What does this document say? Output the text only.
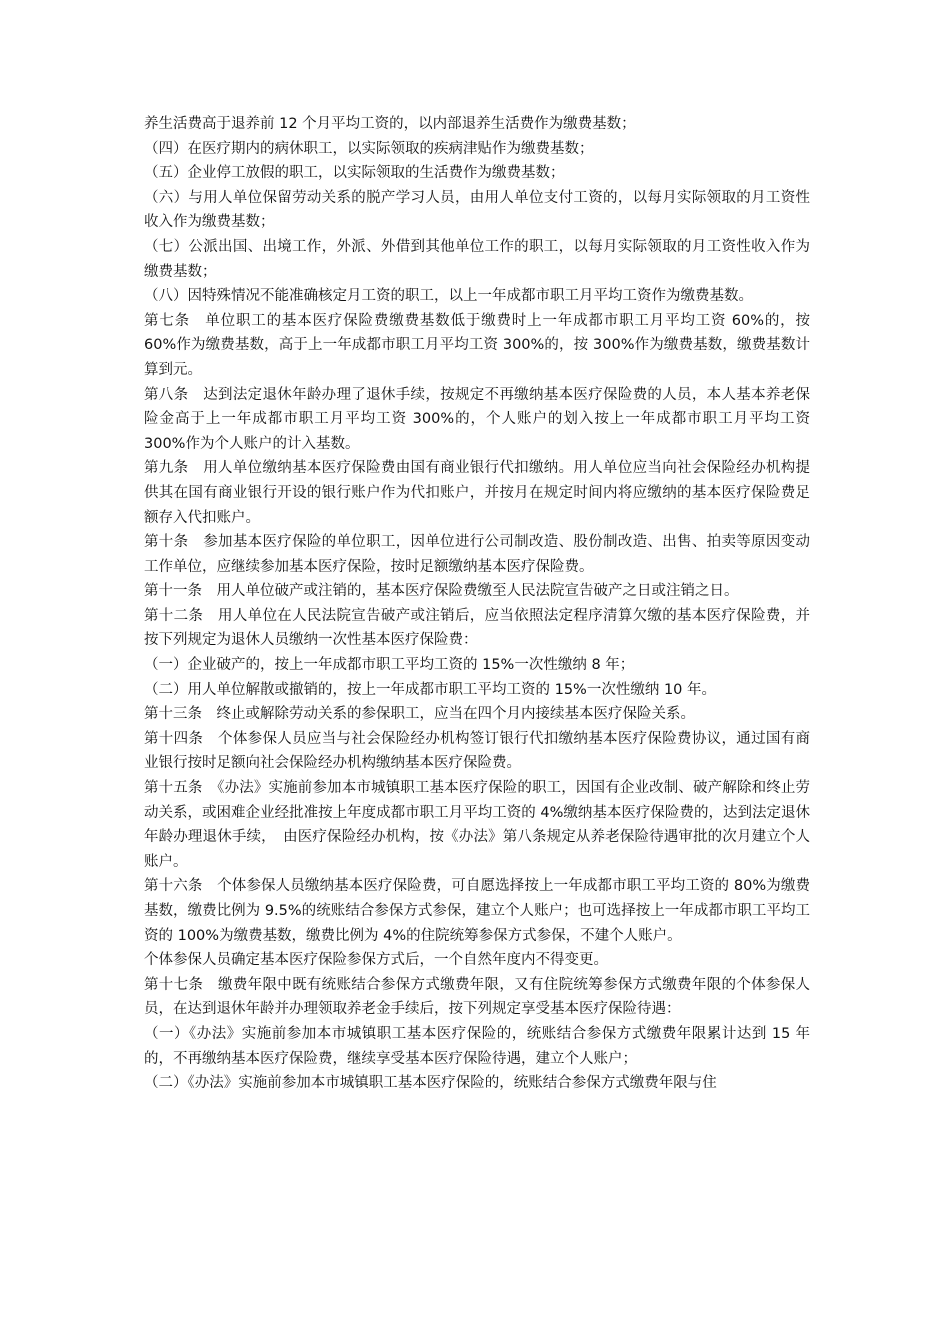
养生活费高于退养前 12 个月平均工资的，以内部退养生活费作为缴费基数；

（四）在医疗期内的病休职工，以实际领取的疾病津贴作为缴费基数；

（五）企业停工放假的职工，以实际领取的生活费作为缴费基数；

（六）与用人单位保留劳动关系的脱产学习人员，由用人单位支付工资的，以每月实际领取的月工资性收入作为缴费基数；

（七）公派出国、出境工作，外派、外借到其他单位工作的职工，以每月实际领取的月工资性收入作为缴费基数；

（八）因特殊情况不能准确核定月工资的职工，以上一年成都市职工月平均工资作为缴费基数。

第七条　单位职工的基本医疗保险费缴费基数低于缴费时上一年成都市职工月平均工资 60%的，按 60%作为缴费基数，高于上一年成都市职工月平均工资 300%的，按 300%作为缴费基数，缴费基数计算到元。

第八条　达到法定退休年龄办理了退休手续，按规定不再缴纳基本医疗保险费的人员，本人基本养老保险金高于上一年成都市职工月平均工资 300%的，个人账户的划入按上一年成都市职工月平均工资 300%作为个人账户的计入基数。

第九条　用人单位缴纳基本医疗保险费由国有商业银行代扣缴纳。用人单位应当向社会保险经办机构提供其在国有商业银行开设的银行账户作为代扣账户，并按月在规定时间内将应缴纳的基本医疗保险费足额存入代扣账户。

第十条　参加基本医疗保险的单位职工，因单位进行公司制改造、股份制改造、出售、拍卖等原因变动工作单位，应继续参加基本医疗保险，按时足额缴纳基本医疗保险费。

第十一条　用人单位破产或注销的，基本医疗保险费缴至人民法院宣告破产之日或注销之日。

第十二条　用人单位在人民法院宣告破产或注销后，应当依照法定程序清算欠缴的基本医疗保险费，并按下列规定为退休人员缴纳一次性基本医疗保险费：

（一）企业破产的，按上一年成都市职工平均工资的 15%一次性缴纳 8 年；

（二）用人单位解散或撤销的，按上一年成都市职工平均工资的 15%一次性缴纳 10 年。

第十三条　终止或解除劳动关系的参保职工，应当在四个月内接续基本医疗保险关系。

第十四条　个体参保人员应当与社会保险经办机构签订银行代扣缴纳基本医疗保险费协议，通过国有商业银行按时足额向社会保险经办机构缴纳基本医疗保险费。

第十五条　《办法》实施前参加本市城镇职工基本医疗保险的职工，因国有企业改制、破产解除和终止劳动关系，或困难企业经批准按上年度成都市职工月平均工资的 4%缴纳基本医疗保险费的，达到法定退休年龄办理退休手续，　由医疗保险经办机构，按《办法》第八条规定从养老保险待遇审批的次月建立个人账户。

第十六条　个体参保人员缴纳基本医疗保险费，可自愿选择按上一年成都市职工平均工资的 80%为缴费基数，缴费比例为 9.5%的统账结合参保方式参保，建立个人账户；也可选择按上一年成都市职工平均工资的 100%为缴费基数，缴费比例为 4%的住院统筹参保方式参保，不建个人账户。

个体参保人员确定基本医疗保险参保方式后，一个自然年度内不得变更。

第十七条　缴费年限中既有统账结合参保方式缴费年限，又有住院统筹参保方式缴费年限的个体参保人员，在达到退休年龄并办理领取养老金手续后，按下列规定享受基本医疗保险待遇：

（一）《办法》实施前参加本市城镇职工基本医疗保险的，统账结合参保方式缴费年限累计达到 15 年的，不再缴纳基本医疗保险费，继续享受基本医疗保险待遇，建立个人账户；

（二）《办法》实施前参加本市城镇职工基本医疗保险的，统账结合参保方式缴费年限与住
